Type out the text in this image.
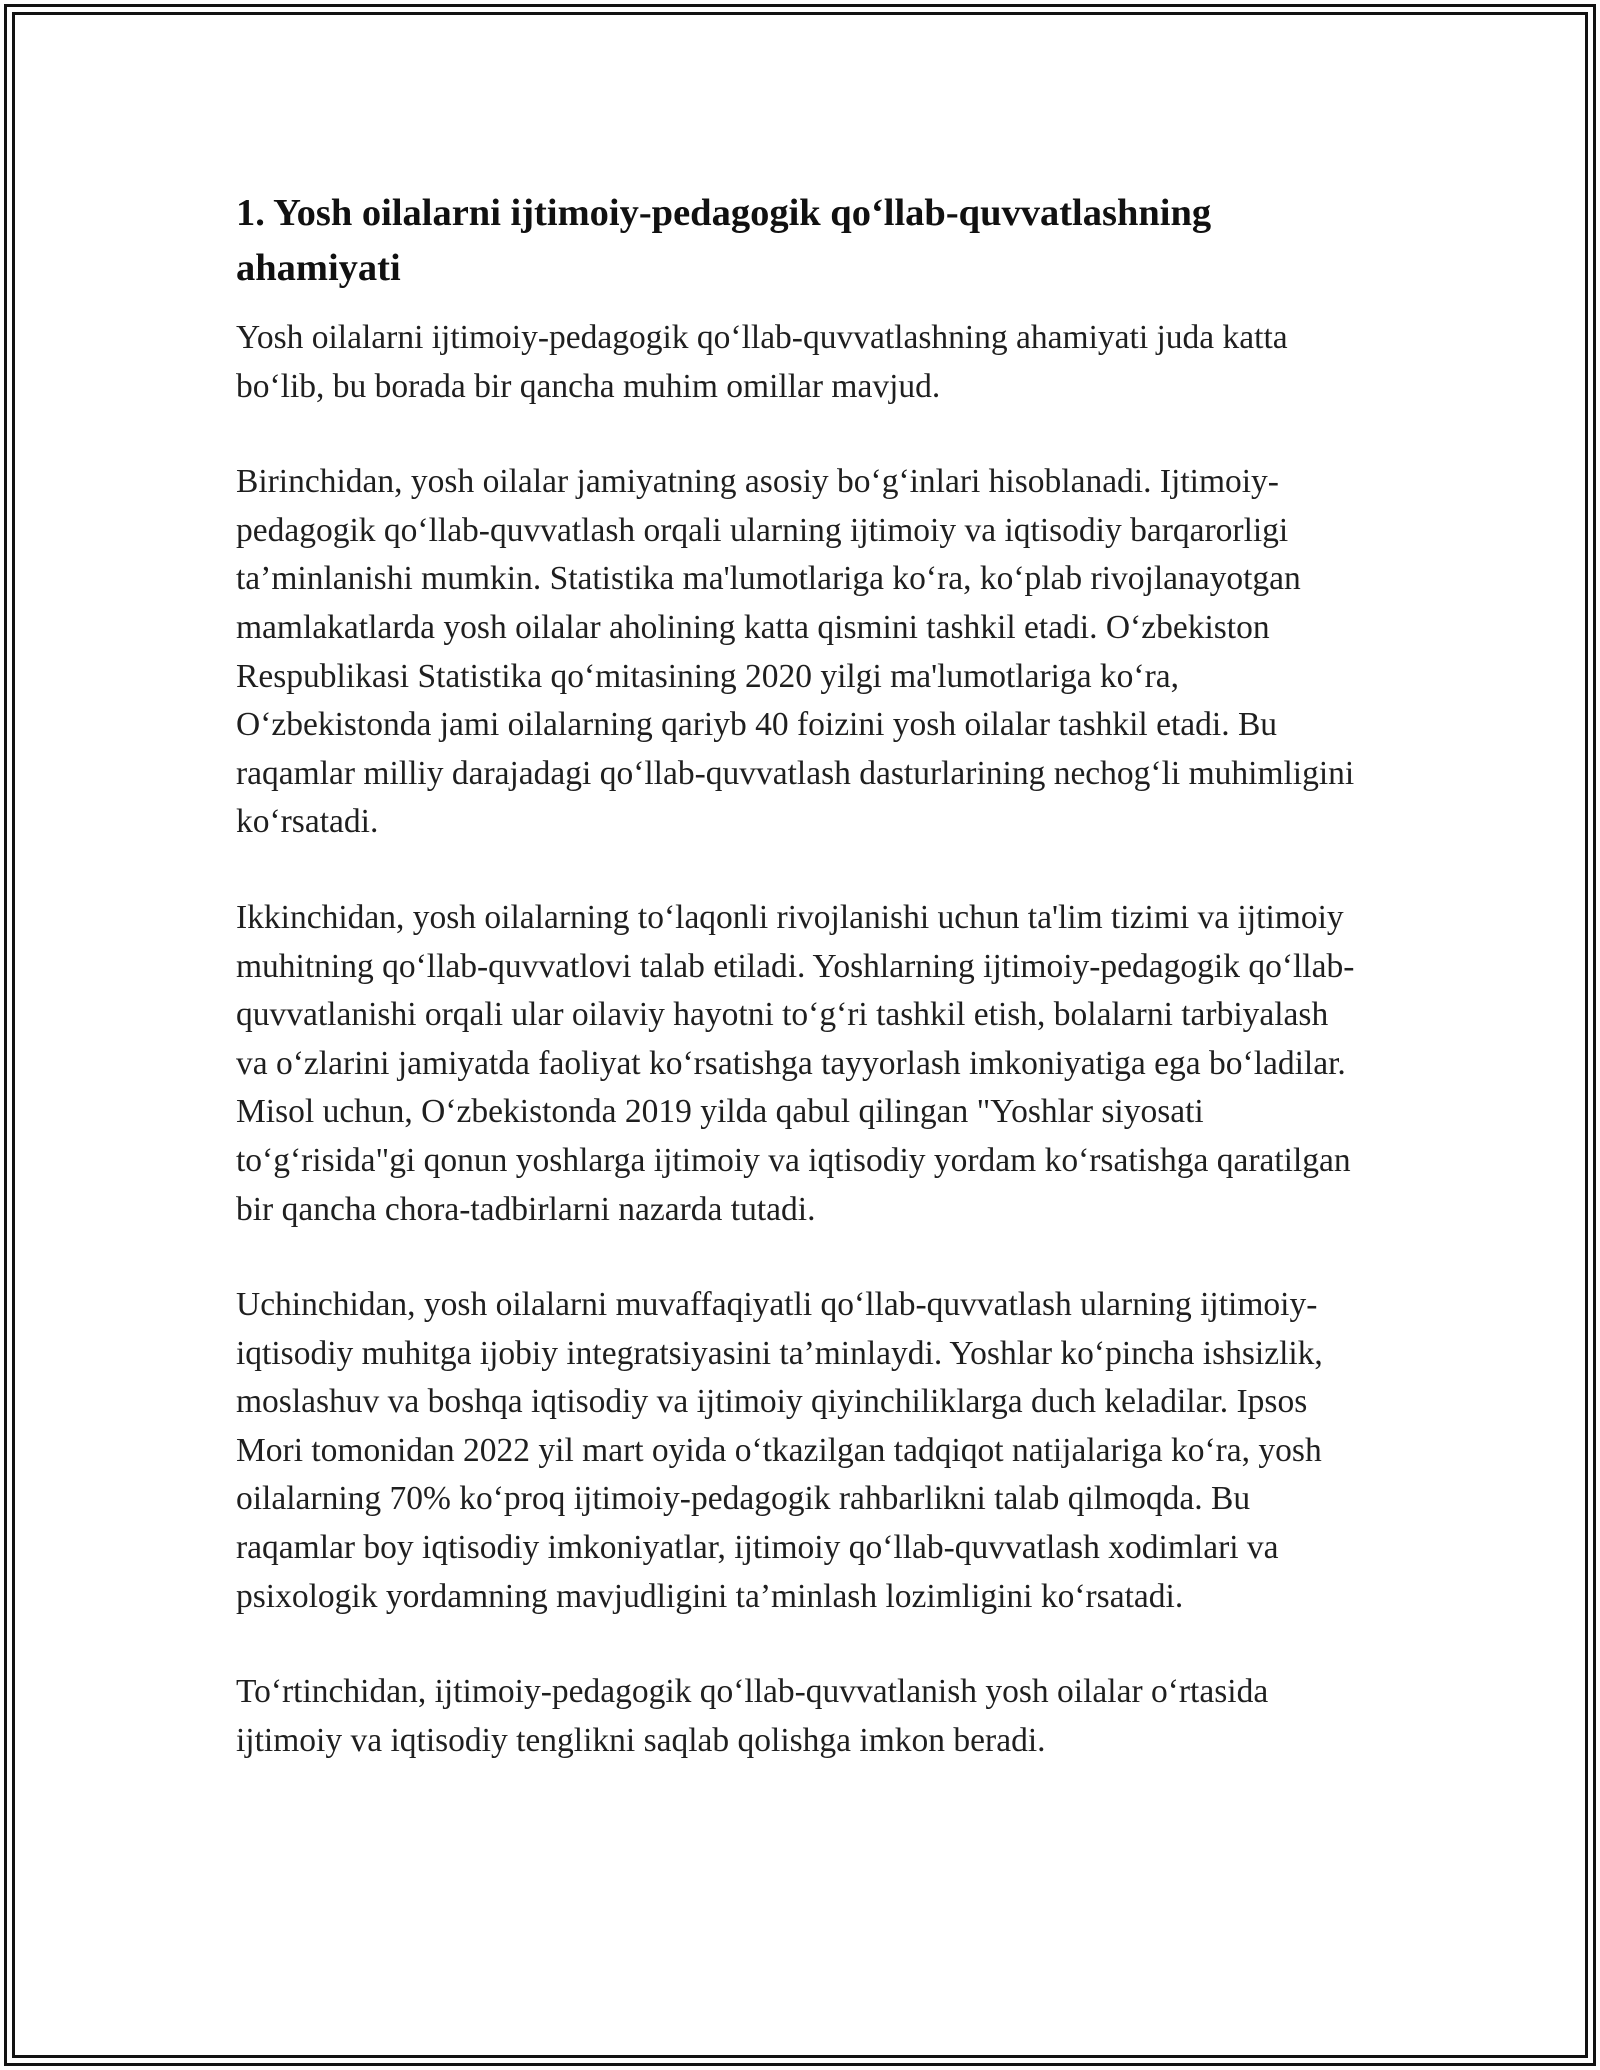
1. Yosh oilalarni ijtimoiy-pedagogik qo‘llab-quvvatlashning ahamiyati

Yosh oilalarni ijtimoiy-pedagogik qo‘llab-quvvatlashning ahamiyati juda katta bo‘lib, bu borada bir qancha muhim omillar mavjud.

Birinchidan, yosh oilalar jamiyatning asosiy bo‘g‘inlari hisoblanadi. Ijtimoiy-pedagogik qo‘llab-quvvatlash orqali ularning ijtimoiy va iqtisodiy barqarorligi ta’minlanishi mumkin. Statistika ma'lumotlariga ko‘ra, ko‘plab rivojlanayotgan mamlakatlarda yosh oilalar aholining katta qismini tashkil etadi. O‘zbekiston Respublikasi Statistika qo‘mitasining 2020 yilgi ma'lumotlariga ko‘ra, O‘zbekistonda jami oilalarning qariyb 40 foizini yosh oilalar tashkil etadi. Bu raqamlar milliy darajadagi qo‘llab-quvvatlash dasturlarining nechog‘li muhimligini ko‘rsatadi.

Ikkinchidan, yosh oilalarning to‘laqonli rivojlanishi uchun ta'lim tizimi va ijtimoiy muhitning qo‘llab-quvvatlovi talab etiladi. Yoshlarning ijtimoiy-pedagogik qo‘llab-quvvatlanishi orqali ular oilaviy hayotni to‘g‘ri tashkil etish, bolalarni tarbiyalash va o‘zlarini jamiyatda faoliyat ko‘rsatishga tayyorlash imkoniyatiga ega bo‘ladilar. Misol uchun, O‘zbekistonda 2019 yilda qabul qilingan "Yoshlar siyosati to‘g‘risida"gi qonun yoshlarga ijtimoiy va iqtisodiy yordam ko‘rsatishga qaratilgan bir qancha chora-tadbirlarni nazarda tutadi.

Uchinchidan, yosh oilalarni muvaffaqiyatli qo‘llab-quvvatlash ularning ijtimoiy-iqtisodiy muhitga ijobiy integratsiyasini ta’minlaydi. Yoshlar ko‘pincha ishsizlik, moslashuv va boshqa iqtisodiy va ijtimoiy qiyinchiliklarga duch keladilar. Ipsos Mori tomonidan 2022 yil mart oyida o‘tkazilgan tadqiqot natijalariga ko‘ra, yosh oilalarning 70% ko‘proq ijtimoiy-pedagogik rahbarlikni talab qilmoqda. Bu raqamlar boy iqtisodiy imkoniyatlar, ijtimoiy qo‘llab-quvvatlash xodimlari va psixologik yordamning mavjudligini ta’minlash lozimligini ko‘rsatadi.

To‘rtinchidan, ijtimoiy-pedagogik qo‘llab-quvvatlanish yosh oilalar o‘rtasida ijtimoiy va iqtisodiy tenglikni saqlab qolishga imkon beradi.
